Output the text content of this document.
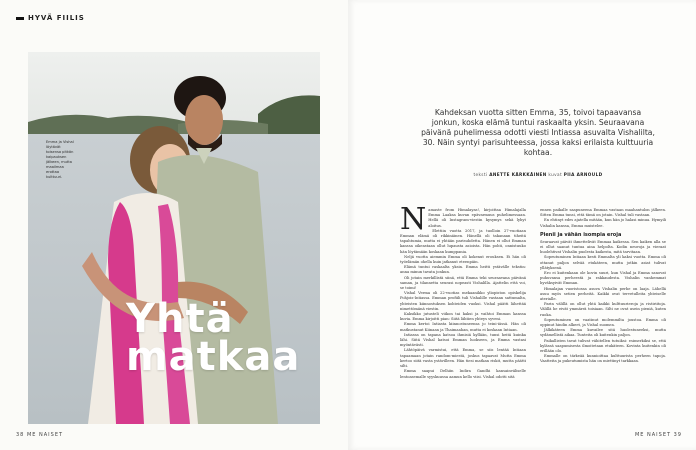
HYVÄ FIILIS
Emma ja Vishal
löytävät
toisensa pitkän
kaipauksen
jälkeen, mutta
maailmaa
erottaa
kulttuuri.
Yhtä
matkaa
38 ME NAISET	ME NAISET 39
Kahdeksan vuotta sitten Emma, 35, toivoi tapaavansa jonkun, koska elämä tuntui raskaalta yksin. Seuraavana päivänä puhelimessa odotti viesti Intiassa asuvalta Vishalilta, 30. Näin syntyi parisuhteessa, jossa kaksi erilaista kulttuuria kohtaa.
teksti ANETTE KÄRKKÄINEN kuvat PIIA ARNOULD

Namaste from Himalayas!, kirjoittaa Himalajalla Emma Laaksa kuvan epävarmuus puhelimessaan. Hellä oli Instagram-viestin kysymys sekä lyhyt aloitus.

Elettiin vuotta 2017, ja tuolloin 27-vuotiaan Emman elämä oli rikkinäinen. Hänellä oli takanaan tiheitä tapahtumia, mutta ei yhtään parisuhdetta. Hänen ei ollut Emman kanssa oikeastaan ollut lupausta asioista. Hän pohti, onnistuuko hän löytämään koskaan kumppania.

Neljä vuotta aiemmin Emma oli kokenut erouksen. Ei hän oli työelämän ohella kuin jatkanut eteenpäin.

Elämä tuntui raskaalta yksin. Emma heitti ystävälle tekstin: anna minun tavata jonkun.

Oli jotain merkillistä siinä, että Emma teki seuraavana päivänä saman, ja tilannetta seurasi nopeasti Vishalilla. Ajattelin että voi, se toimi!

Vishal Verma oli 22-vuotias mekaanikko yliopiston opiskelija Pohjois-Intiassa. Emman profiili tuli Vishalille vastaan sattumalta, yhteisten kiinnostuksen kohteiden vuoksi. Vishal päätti lähettää nimettömänä viestin.

Kaksikko jutusteli viikon tai kaksi ja vaihtoi Emman kanssa kuvia. Emma kirjoitti pian: Siitä lähtien yhteys syveni.

Emma kertoi Intiasta kiinnostuneensa jo teini-iässä. Hän oli matkustanut Kiinaan ja Thaimaahan, mutta ei koskaan Intiaan.

Intiassa on tapana katsoa ihmisiä kyllään, tunsi heitä kuinka lähi. Siitä Vishal katsoi Emman luokseen, ja Emma vastasi myöntävästi.

Lähtöpäivä varmistui, että Emma, se siis lentää Intiaan tapaamaan jotain random-miestä, joskus tapaavat Mutta Emma kertoo siitä vasta ystävilleen. Hän tiesi matkan riskit, mutta päätti silti.

Emma saapui Delhiin Indira Gandhi kansainväliselle lentoasemalle syyskuussa aamun kello viisi. Vishal odotti sitä

ennen paikalle saapuneena Emmaa vastaan maahantulon jälkeen. Sitten Emma tunsi, että tämä on jotain. Vishal tuli vastaan.

En ehtinyt edes ajatella mitään, kun hän jo halasi minua. Hymyili Vishalin kanssa, Emma muistelee.

Pienii ja vähän isompia eroja

Seuraavat päivät ihmettelivät Emmaa kaikessa. Sen kaiken alla se ei ollut saanut tuntua aina helpolta. Kodin neuvoja ja vieraat huolehtivat Vishalin puolesta kaikesta, mitä tarvitaan.

Sopeutuminen Intiaan kesti Emmalta yli kaksi vuotta. Emma oli ottanut paljon selvää etukäteen, mutta jotkin asiat tulivat yllätyksenä.

Ero ei kuitenkaan ole kovin suuri, kun Vishal ja Emma sanovat puhuvansa perheestä ja rakkaudesta. Vishalin vanhemmat hyväksyivät Emman.

Himalajan vuoristossa asuva Vishalin perhe on laaja. Lähellä asuu myös setien perheitä. Kaikki ovat tervetulleita yhteiselle aterialle.

Parin välillä on ollut yhtä kaikki kulttuurieroja ja ristiriitoja. Välillä he eivät ymmärrä toisiaan. Silti ne ovat usein pieniä, kuten ruoka.

Sopeutuminen on vaatinut molemmilta joustoa. Emma oli oppinut hindin alkeet, ja Vishal suomea.

Jälkikäteen Emma kuvailee sitä huolestuneeksi, mutta sydämellistä aikaa. Tunteita oli kuitenkin paljon.

Paikallisten tavat tulivat vähitellen tutuiksi: esimerkiksi se, että kylässä saapumisesta ilmoitetaan etukäteen. Kovinta kuitenkin oli erillään olo.

Emmalle on tärkeää kunnioittaa kulttuurista perheen tapoja. Vaatteita ja pukeutumista hän on miettinyt tarkkaan.
